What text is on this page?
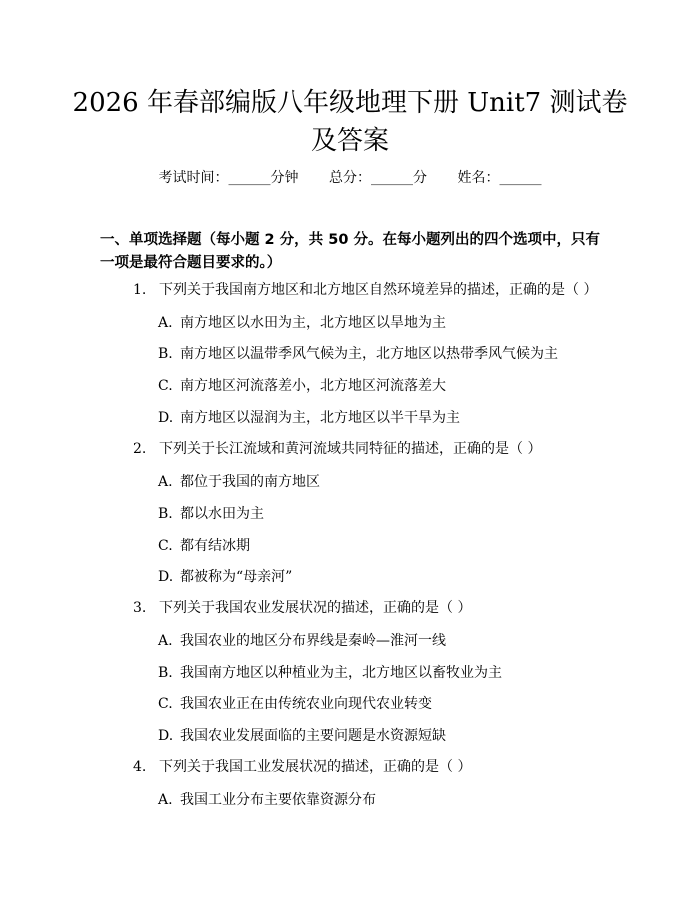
2026 年春部编版八年级地理下册 Unit7 测试卷及答案
考试时间：______分钟 总分：______分 姓名：______

一、单项选择题（每小题 2 分，共 50 分。在每小题列出的四个选项中，只有一项是最符合题目要求的。）

1. 下列关于我国南方地区和北方地区自然环境差异的描述，正确的是（ ）
A. 南方地区以水田为主，北方地区以旱地为主
B. 南方地区以温带季风气候为主，北方地区以热带季风气候为主
C. 南方地区河流落差小，北方地区河流落差大
D. 南方地区以湿润为主，北方地区以半干旱为主
2. 下列关于长江流域和黄河流域共同特征的描述，正确的是（ ）
A. 都位于我国的南方地区
B. 都以水田为主
C. 都有结冰期
D. 都被称为“母亲河”
3. 下列关于我国农业发展状况的描述，正确的是（ ）
A. 我国农业的地区分布界线是秦岭—淮河一线
B. 我国南方地区以种植业为主，北方地区以畜牧业为主
C. 我国农业正在由传统农业向现代农业转变
D. 我国农业发展面临的主要问题是水资源短缺
4. 下列关于我国工业发展状况的描述，正确的是（ ）
A. 我国工业分布主要依靠资源分布
